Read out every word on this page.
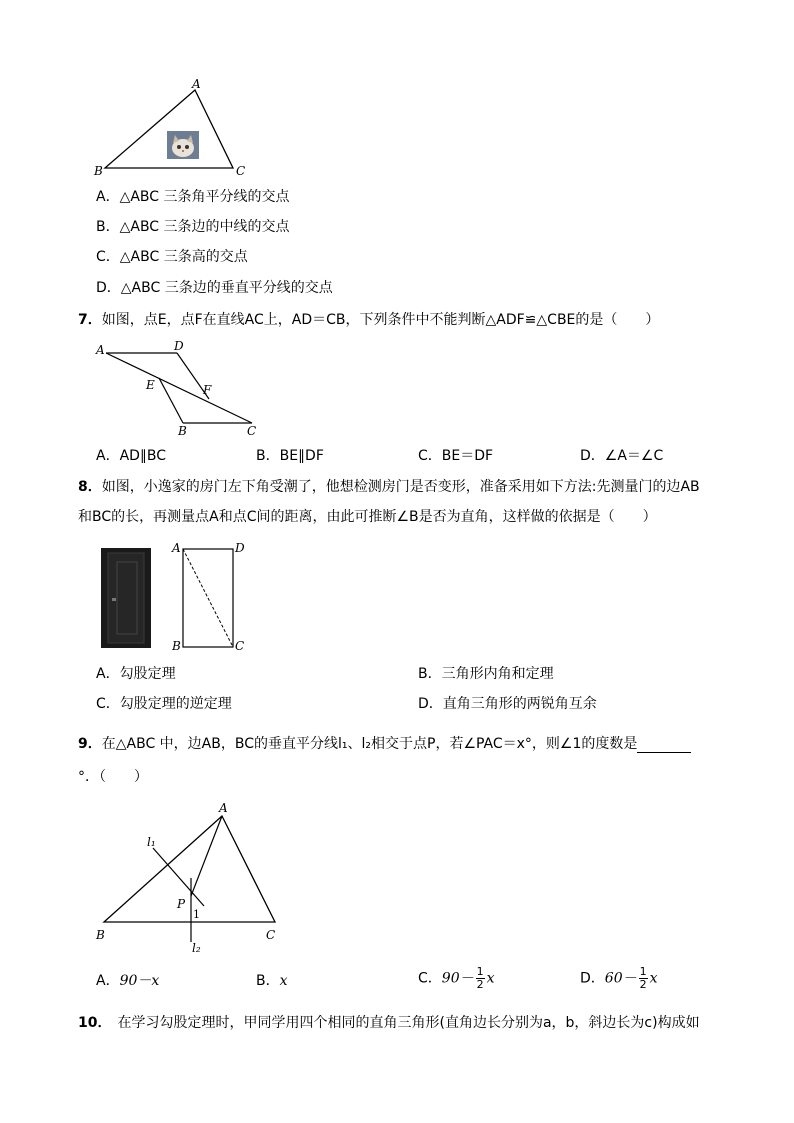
A
B	C
A．△ABC 三条角平分线的交点
B．△ABC 三条边的中线的交点
C．△ABC 三条高的交点
D．△ABC 三条边的垂直平分线的交点
7．如图，点E，点F在直线AC上，AD＝CB，下列条件中不能判断△ADF≌△CBE的是（　　）
A	D
E	F
B	C
A．AD∥BC	B．BE∥DF	C．BE＝DF	D．∠A＝∠C
8．如图，小逸家的房门左下角受潮了，他想检测房门是否变形，准备采用如下方法:先测量门的边AB
和BC的长，再测量点A和点C间的距离，由此可推断∠B是否为直角，这样做的依据是（　　）
A	D
B	C
A．勾股定理	B．三角形内角和定理
C．勾股定理的逆定理	D．直角三角形的两锐角互余
9．在△ABC 中，边AB，BC的垂直平分线l₁、l₂相交于点P，若∠PAC＝x°，则∠1的度数是
°．（　　）
A
B	C
P
1
l₁
l₂
A．90－x	B．x	C．$90- \frac{1}{2}$ x	D．$60- \frac{1}{2}$ x
10． 在学习勾股定理时，甲同学用四个相同的直角三角形(直角边长分别为a，b，斜边长为c)构成如
